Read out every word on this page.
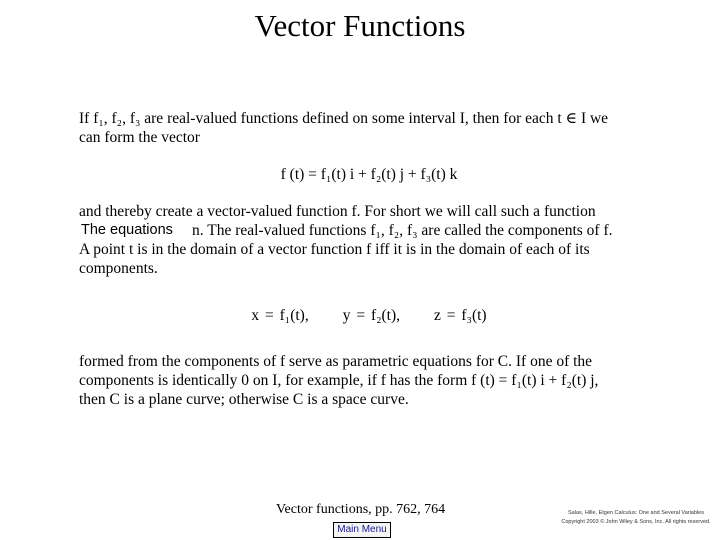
Vector Functions

If f₁, f₂, f₃ are real-valued functions defined on some interval I, then for each t ∈ I we
can form the vector

f (t) = f₁(t) i + f₂(t) j + f₃(t) k
and thereby create a vector-valued function f. For short we will call such a function
n. The real-valued functions f₁, f₂, f₃ are called the components of f.
The equations
A point t is in the domain of a vector function f iff it is in the domain of each of its
components.
x = f₁(t), y = f₂(t), z = f₃(t)

formed from the components of f serve as parametric equations for C. If one of the
components is identically 0 on I, for example, if f has the form f (t) = f₁(t) i + f₂(t) j,
then C is a plane curve; otherwise C is a space curve.

Vector functions, pp. 762, 764
Main Menu
Salas, Hille, Etgen Calculus: One and Several Variables
Copyright 2003 © John Wiley & Sons, Inc. All rights reserved.
